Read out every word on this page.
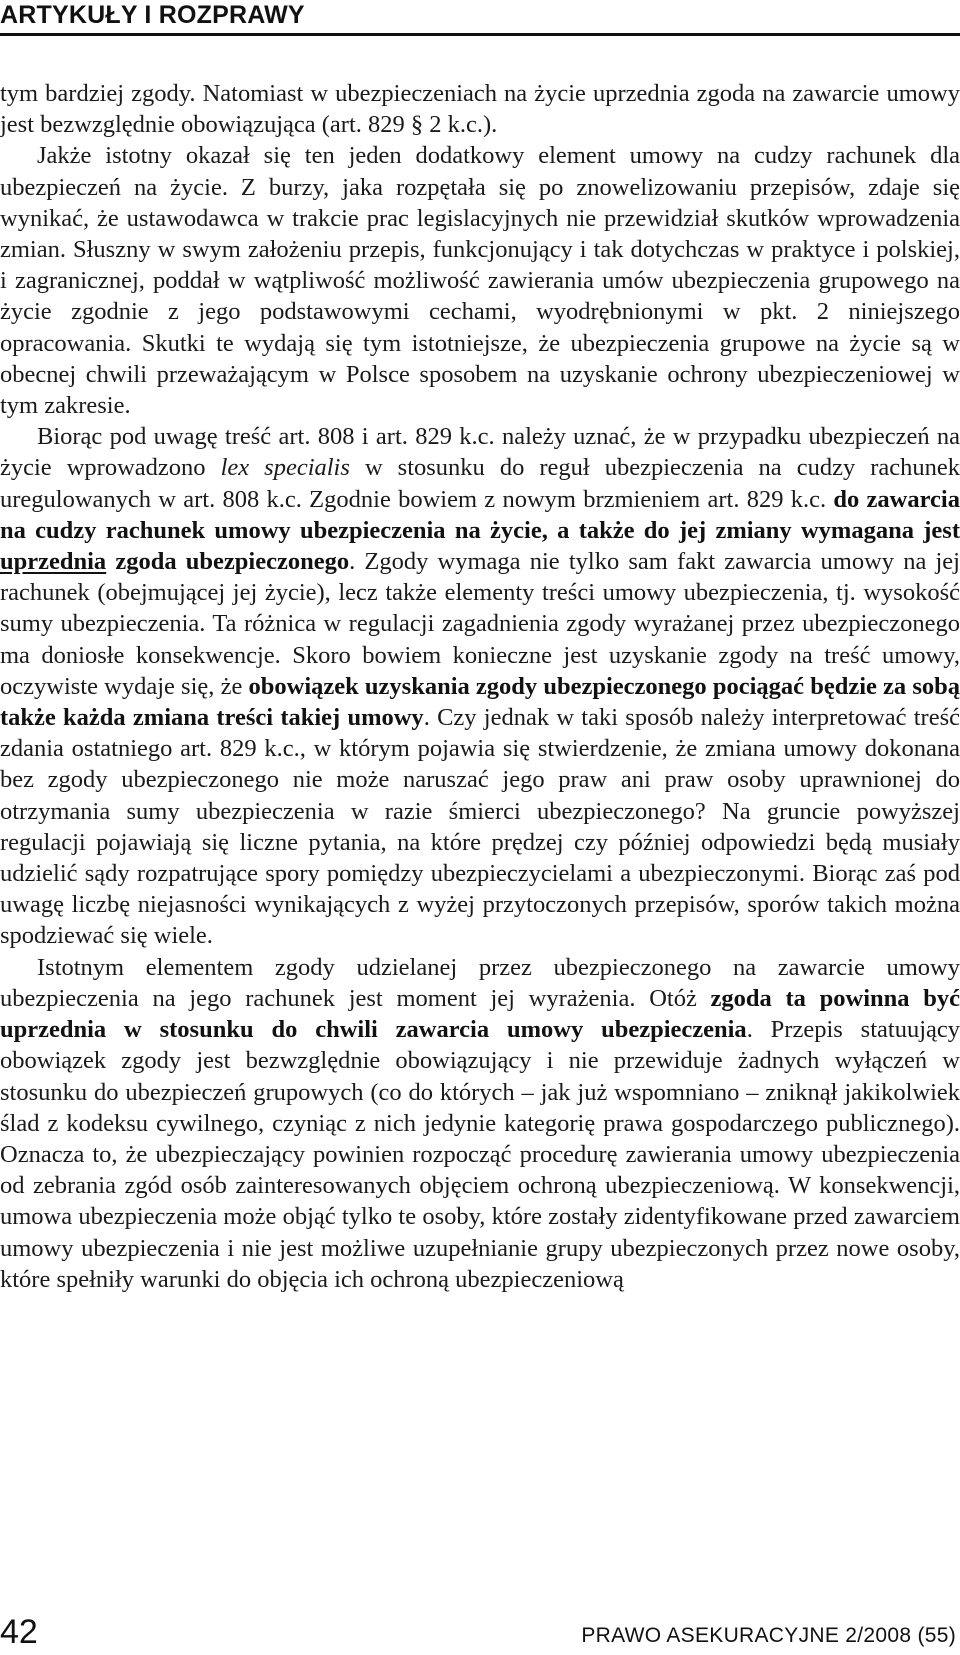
ARTYKUŁY I ROZPRAWY

tym bardziej zgody. Natomiast w ubezpieczeniach na życie uprzednia zgoda na zawarcie umowy jest bezwzględnie obowiązująca (art. 829 § 2 k.c.).

Jakże istotny okazał się ten jeden dodatkowy element umowy na cudzy rachunek dla ubezpieczeń na życie. Z burzy, jaka rozpętała się po znowelizowaniu przepisów, zdaje się wynikać, że ustawodawca w trakcie prac legislacyjnych nie przewidział skutków wprowadzenia zmian. Słuszny w swym założeniu przepis, funkcjonujący i tak dotychczas w praktyce i polskiej, i zagranicznej, poddał w wątpliwość możliwość zawierania umów ubezpieczenia grupowego na życie zgodnie z jego podstawowymi cechami, wyodrębnionymi w pkt. 2 niniejszego opracowania. Skutki te wydają się tym istotniejsze, że ubezpieczenia grupowe na życie są w obecnej chwili przeważającym w Polsce sposobem na uzyskanie ochrony ubezpieczeniowej w tym zakresie.

Biorąc pod uwagę treść art. 808 i art. 829 k.c. należy uznać, że w przypadku ubezpieczeń na życie wprowadzono lex specialis w stosunku do reguł ubezpieczenia na cudzy rachunek uregulowanych w art. 808 k.c. Zgodnie bowiem z nowym brzmieniem art. 829 k.c. do zawarcia na cudzy rachunek umowy ubezpieczenia na życie, a także do jej zmiany wymagana jest uprzednia zgoda ubezpieczonego. Zgody wymaga nie tylko sam fakt zawarcia umowy na jej rachunek (obejmującej jej życie), lecz także elementy treści umowy ubezpieczenia, tj. wysokość sumy ubezpieczenia. Ta różnica w regulacji zagadnienia zgody wyrażanej przez ubezpieczonego ma doniosłe konsekwencje. Skoro bowiem konieczne jest uzyskanie zgody na treść umowy, oczywiste wydaje się, że obowiązek uzyskania zgody ubezpieczonego pociągać będzie za sobą także każda zmiana treści takiej umowy. Czy jednak w taki sposób należy interpretować treść zdania ostatniego art. 829 k.c., w którym pojawia się stwierdzenie, że zmiana umowy dokonana bez zgody ubezpieczonego nie może naruszać jego praw ani praw osoby uprawnionej do otrzymania sumy ubezpieczenia w razie śmierci ubezpieczonego? Na gruncie powyższej regulacji pojawiają się liczne pytania, na które prędzej czy później odpowiedzi będą musiały udzielić sądy rozpatrujące spory pomiędzy ubezpieczycielami a ubezpieczonymi. Biorąc zaś pod uwagę liczbę niejasności wynikających z wyżej przytoczonych przepisów, sporów takich można spodziewać się wiele.

Istotnym elementem zgody udzielanej przez ubezpieczonego na zawarcie umowy ubezpieczenia na jego rachunek jest moment jej wyrażenia. Otóż zgoda ta powinna być uprzednia w stosunku do chwili zawarcia umowy ubezpieczenia. Przepis statuujący obowiązek zgody jest bezwzględnie obowiązujący i nie przewiduje żadnych wyłączeń w stosunku do ubezpieczeń grupowych (co do których – jak już wspomniano – zniknął jakikolwiek ślad z kodeksu cywilnego, czyniąc z nich jedynie kategorię prawa gospodarczego publicznego). Oznacza to, że ubezpieczający powinien rozpocząć procedurę zawierania umowy ubezpieczenia od zebrania zgód osób zainteresowanych objęciem ochroną ubezpieczeniową. W konsekwencji, umowa ubezpieczenia może objąć tylko te osoby, które zostały zidentyfikowane przed zawarciem umowy ubezpieczenia i nie jest możliwe uzupełnianie grupy ubezpieczonych przez nowe osoby, które spełniły warunki do objęcia ich ochroną ubezpieczeniową

42	PRAWO ASEKURACYJNE 2/2008 (55)
